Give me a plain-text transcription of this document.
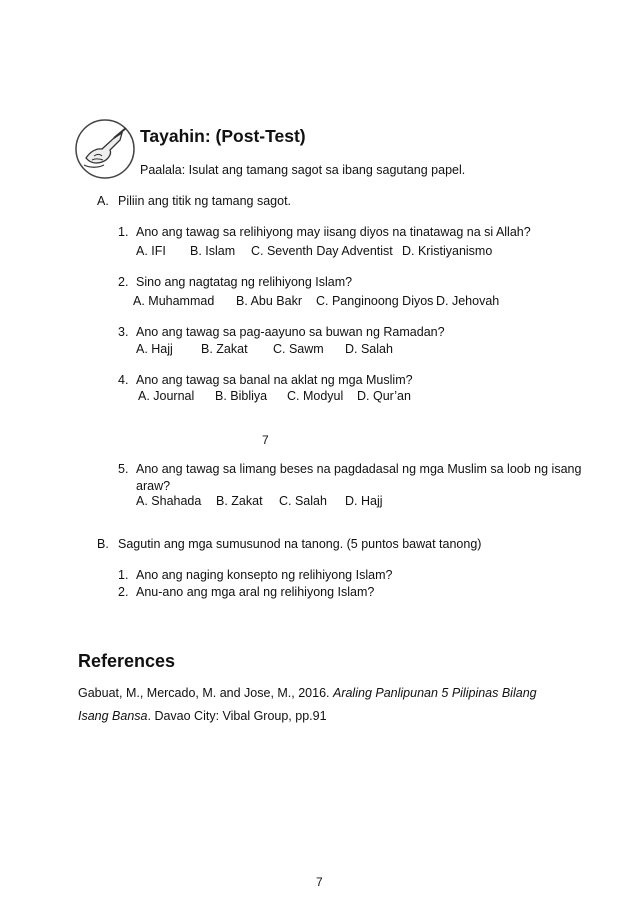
Tayahin: (Post-Test)
Paalala: Isulat ang tamang sagot sa ibang sagutang papel.
A. Piliin ang titik ng tamang sagot.
1. Ano ang tawag sa relihiyong may iisang diyos na tinatawag na si Allah?
A. IFI B. Islam C. Seventh Day Adventist D. Kristiyanismo
2. Sino ang nagtatag ng relihiyong Islam?
A. Muhammad B. Abu Bakr C. Panginoong Diyos D. Jehovah
3. Ano ang tawag sa pag-aayuno sa buwan ng Ramadan?
A. Hajj B. Zakat C. Sawm D. Salah
4. Ano ang tawag sa banal na aklat ng mga Muslim?
A. Journal B. Bibliya C. Modyul D. Qur’an
7
5. Ano ang tawag sa limang beses na pagdadasal ng mga Muslim sa loob ng isang
araw?
A. Shahada B. Zakat C. Salah D. Hajj
B. Sagutin ang mga sumusunod na tanong. (5 puntos bawat tanong)
1. Ano ang naging konsepto ng relihiyong Islam?
2. Anu-ano ang mga aral ng relihiyong Islam?
References
Gabuat, M., Mercado, M. and Jose, M., 2016. Araling Panlipunan 5 Pilipinas Bilang Isang Bansa. Davao City: Vibal Group, pp.91
7
